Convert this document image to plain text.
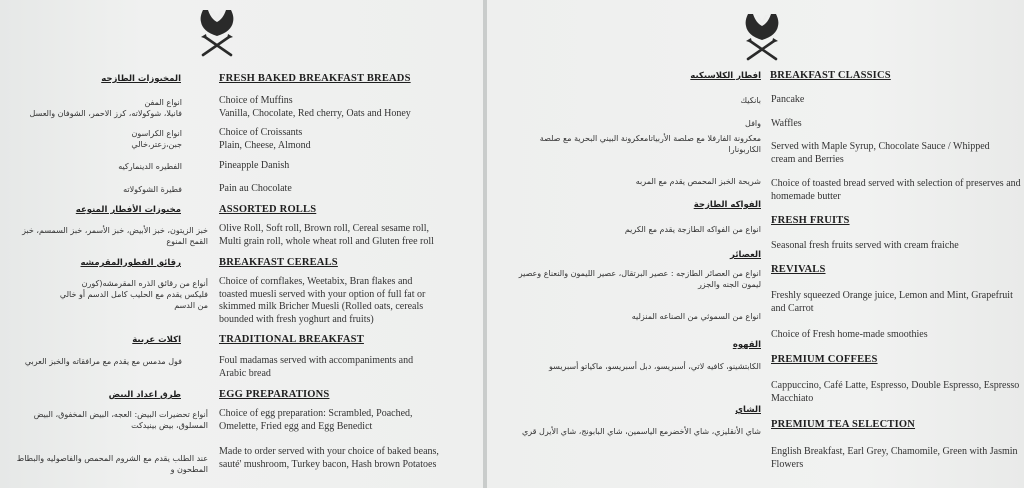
المخبوزات الطازجه	FRESH BAKED BREAKFAST BREADS
انواع المفن
فانيلا، شوكولاته، كرز الاحمر، الشوفان والعسل
Choice of Muffins
Vanilla, Chocolate, Red cherry, Oats and Honey
انواع الكراسون
جبن،زعتر،خالي
Choice of Croissants
Plain, Cheese, Almond
الفطيره الدينماركيه	Pineapple Danish
فطيرة الشوكولاته	Pain au Chocolate
مخبوزات الأفطار المنوعه	ASSORTED ROLLS
خبز الزيتون، خبز الأبيض، خبز الأسمر، خبز السمسم، خبز القمح المنوع
Olive Roll, Soft roll, Brown roll, Cereal sesame roll, Multi grain roll, whole wheat roll and Gluten free roll
رقائق الفطورالمقرمشه	BREAKFAST CEREALS
أنواع من رقائق الذره المقرمشه(كورن فليكس يقدم مع الحليب كامل الدسم أو خالي من الدسم
Choice of cornflakes, Weetabix, Bran flakes and toasted muesli served with your option of full fat or skimmed milk Bricher Muesli (Rolled oats, cereals bounded with fresh yoghurt and fruits)
اكلات عربية	TRADITIONAL BREAKFAST
فول مدمس مع يقدم مع مرافقاته والخبز العربي	Foul madamas served with accompaniments and Arabic bread
طرق اعداد البيض	EGG PREPARATIONS
أنواع تحضيرات البيض: العجه، البيض المخفوق، البيض المسلوق، بيض بينيدكت
Choice of egg preparation: Scrambled, Poached, Omelette, Fried egg and Egg Benedict
عند الطلب يقدم مع الشروم المحمص والفاصوليه والبطاط المطحون و
Made to order served with your choice of baked beans, sauté' mushroom, Turkey bacon, Hash brown Potatoes
افطار الكلاسيكيه BREAKFAST CLASSICS
بانكيك Pancake
وافل Waffles
معكرونة الفارفلا مع صلصة الأربياتامعكرونة البيني البحرية مع صلصة الكاربونارا Served with Maple Syrup, Chocolate Sauce / Whipped cream and Berries
شريحة الخبز المحمص يقدم مع المربه Choice of toasted bread served with selection of preserves and homemade butter
الفواكه الطازجة
FRESH FRUITS
انواع من الفواكه الطازجة يقدم مع الكريم
Seasonal fresh fruits served with cream fraiche
العصائر
REVIVALS
انواع من العصائر الطازجه : عصير البرتقال، عصير الليمون والنعناع وعصير ليمون الجنه والجزر
Freshly squeezed Orange juice, Lemon and Mint, Grapefruit and Carrot
انواع من السموثي من الصناعه المنزليه
Choice of Fresh home-made smoothies
القهوه
PREMIUM COFFEES
الكابتشينو، كافيه لاتي، أسبريسو، دبل أسبريسو، ماكياتو أسبريسو
Cappuccino, Café Latte, Espresso, Double Espresso, Espresso Macchiato
الشاي
PREMIUM TEA SELECTION
شاي الأنقليزي، شاي الأخضرمع الياسمين، شاي البابونج، شاي الأيرل قري
English Breakfast, Earl Grey, Chamomile, Green with Jasmin Flowers
